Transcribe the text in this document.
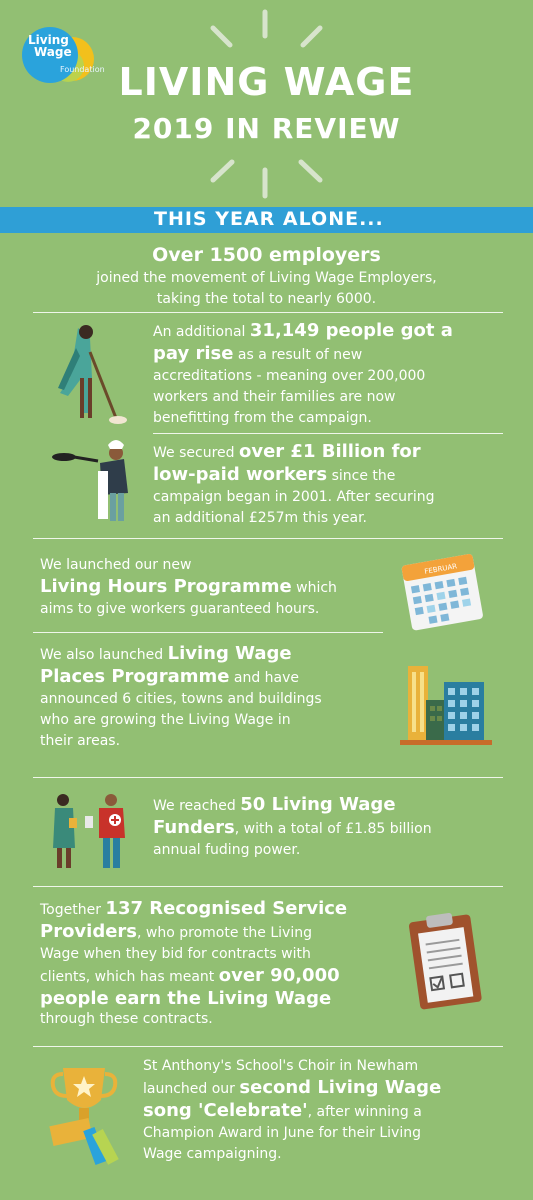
Living
Wage
Foundation LIVING WAGE
2019 IN REVIEW
THIS YEAR ALONE...
Over 1500 employers
joined the movement of Living Wage Employers,
taking the total to nearly 6000.
An additional 31,149 people got a
pay rise as a result of new
accreditations - meaning over 200,000
workers and their families are now
benefitting from the campaign.
We secured over £1 Billion for
low-paid workers since the
campaign began in 2001. After securing
an additional £257m this year.
We launched our new
Living Hours Programme which
aims to give workers guaranteed hours.
FEBRUAR
We also launched Living Wage
Places Programme and have
announced 6 cities, towns and buildings
who are growing the Living Wage in
their areas.
We reached 50 Living Wage
Funders, with a total of £1.85 billion
annual fuding power.
Together 137 Recognised Service
Providers, who promote the Living
Wage when they bid for contracts with
clients, which has meant over 90,000
people earn the Living Wage
through these contracts.
St Anthony's School's Choir in Newham
launched our second Living Wage
song 'Celebrate', after winning a
Champion Award in June for their Living
Wage campaigning.
